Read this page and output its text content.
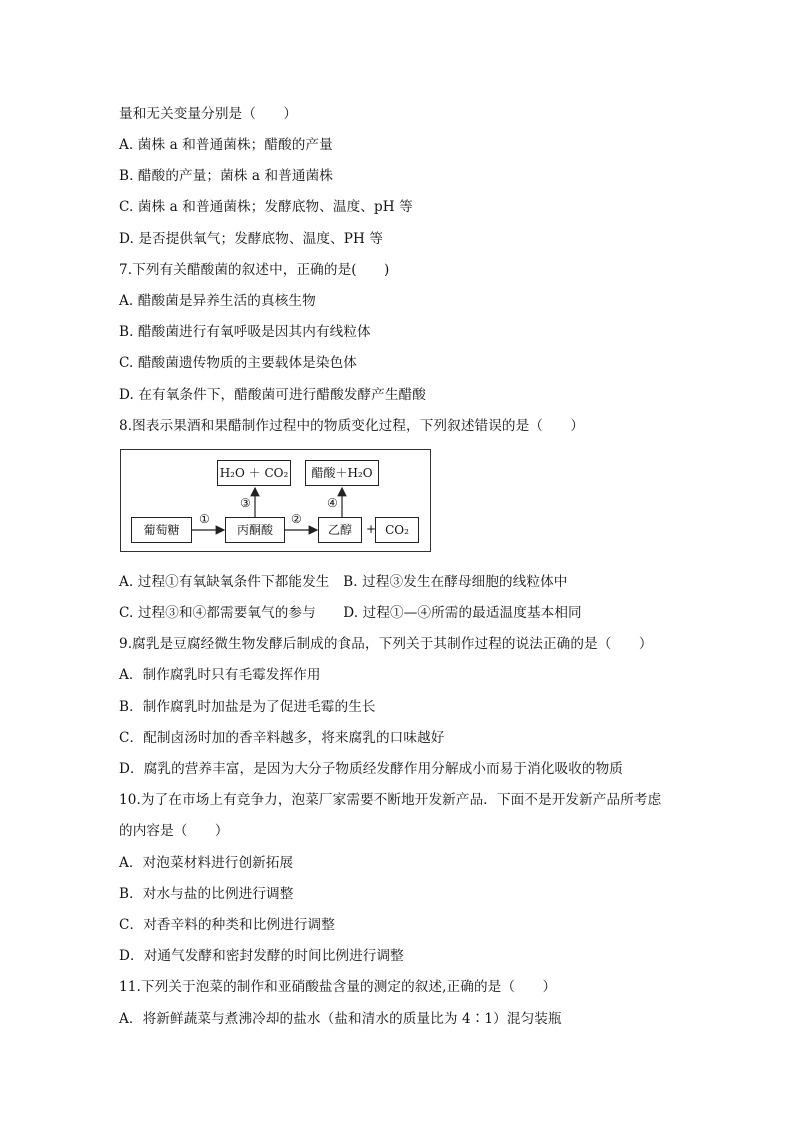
量和无关变量分别是（　　）
A. 菌株 a 和普通菌株；醋酸的产量
B. 醋酸的产量；菌株 a 和普通菌株
C. 菌株 a 和普通菌株；发酵底物、温度、pH 等
D. 是否提供氧气；发酵底物、温度、PH 等
7.下列有关醋酸菌的叙述中，正确的是(　　)
A. 醋酸菌是异养生活的真核生物
B. 醋酸菌进行有氧呼吸是因其内有线粒体
C. 醋酸菌遗传物质的主要载体是染色体
D. 在有氧条件下，醋酸菌可进行醋酸发酵产生醋酸
8.图表示果酒和果醋制作过程中的物质变化过程，下列叙述错误的是（　　）
H₂O ＋ CO₂	醋酸＋H₂O
葡萄糖	丙酮酸	乙醇	CO₂
①	②
③	④
+
A. 过程①有氧缺氧条件下都能发生　B. 过程③发生在酵母细胞的线粒体中
C. 过程③和④都需要氧气的参与　　D. 过程①—④所需的最适温度基本相同
9.腐乳是豆腐经微生物发酵后制成的食品，下列关于其制作过程的说法正确的是（　　）
A．制作腐乳时只有毛霉发挥作用
B．制作腐乳时加盐是为了促进毛霉的生长
C．配制卤汤时加的香辛料越多，将来腐乳的口味越好
D．腐乳的营养丰富，是因为大分子物质经发酵作用分解成小而易于消化吸收的物质
10.为了在市场上有竞争力，泡菜厂家需要不断地开发新产品．下面不是开发新产品所考虑
的内容是（　　）
A．对泡菜材料进行创新拓展
B．对水与盐的比例进行调整
C．对香辛料的种类和比例进行调整
D．对通气发酵和密封发酵的时间比例进行调整
11.下列关于泡菜的制作和亚硝酸盐含量的测定的叙述,正确的是（　　）
A．将新鲜蔬菜与煮沸冷却的盐水（盐和清水的质量比为 4∶1）混匀装瓶
